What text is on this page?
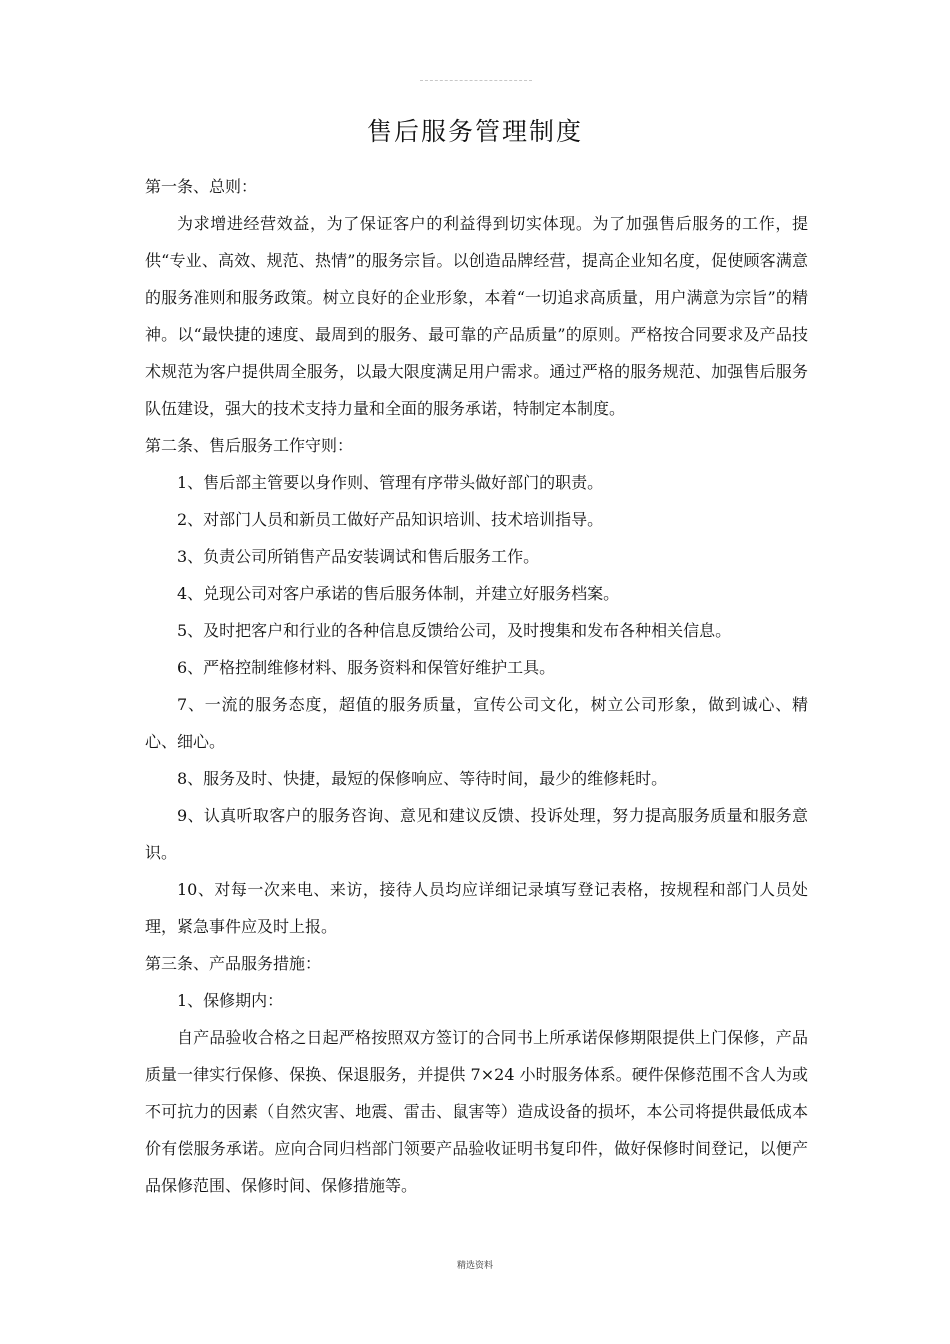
售后服务管理制度

第一条、总则：

为求增进经营效益，为了保证客户的利益得到切实体现。为了加强售后服务的工作，提供“专业、高效、规范、热情”的服务宗旨。以创造品牌经营，提高企业知名度，促使顾客满意的服务准则和服务政策。树立良好的企业形象，本着“一切追求高质量，用户满意为宗旨”的精神。以“最快捷的速度、最周到的服务、最可靠的产品质量”的原则。严格按合同要求及产品技术规范为客户提供周全服务，以最大限度满足用户需求。通过严格的服务规范、加强售后服务队伍建设，强大的技术支持力量和全面的服务承诺，特制定本制度。

第二条、售后服务工作守则：

1、售后部主管要以身作则、管理有序带头做好部门的职责。

2、对部门人员和新员工做好产品知识培训、技术培训指导。

3、负责公司所销售产品安装调试和售后服务工作。

4、兑现公司对客户承诺的售后服务体制，并建立好服务档案。

5、及时把客户和行业的各种信息反馈给公司，及时搜集和发布各种相关信息。

6、严格控制维修材料、服务资料和保管好维护工具。

7、一流的服务态度，超值的服务质量，宣传公司文化，树立公司形象，做到诚心、精心、细心。

8、服务及时、快捷，最短的保修响应、等待时间，最少的维修耗时。

9、认真听取客户的服务咨询、意见和建议反馈、投诉处理，努力提高服务质量和服务意识。

10、对每一次来电、来访，接待人员均应详细记录填写登记表格，按规程和部门人员处理，紧急事件应及时上报。

第三条、产品服务措施：

1、保修期内：

自产品验收合格之日起严格按照双方签订的合同书上所承诺保修期限提供上门保修，产品质量一律实行保修、保换、保退服务，并提供 7×24 小时服务体系。硬件保修范围不含人为或不可抗力的因素（自然灾害、地震、雷击、鼠害等）造成设备的损坏，本公司将提供最低成本价有偿服务承诺。应向合同归档部门领要产品验收证明书复印件，做好保修时间登记，以便产品保修范围、保修时间、保修措施等。

精选资料
